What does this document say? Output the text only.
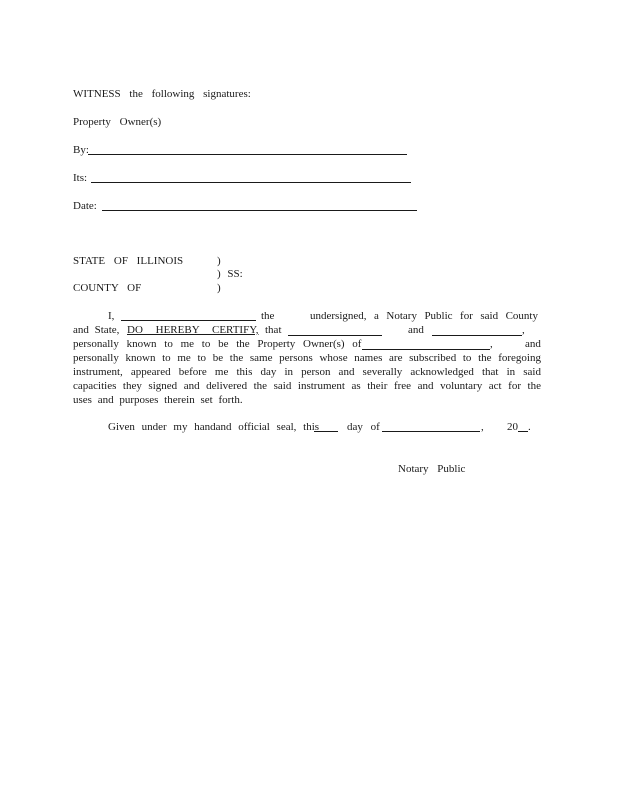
WITNESS the following signatures:
Property Owner(s)
By:
Its:
Date:
STATE OF ILLINOIS	)
) SS:
COUNTY OF	)
I,	the	undersigned, a Notary Public for said County
and State, DO HEREBY CERTIFY, that	and	,
personally known to me to be the Property Owner(s) of	,	and
personally known to me to be the same persons whose names are subscribed to the foregoing
instrument, appeared before me this day in person and severally acknowledged that in said
capacities they signed and delivered the said instrument as their free and voluntary act for the
uses and purposes therein set forth.
Given under my handand official seal, this	day of	, 20 .
Notary Public
